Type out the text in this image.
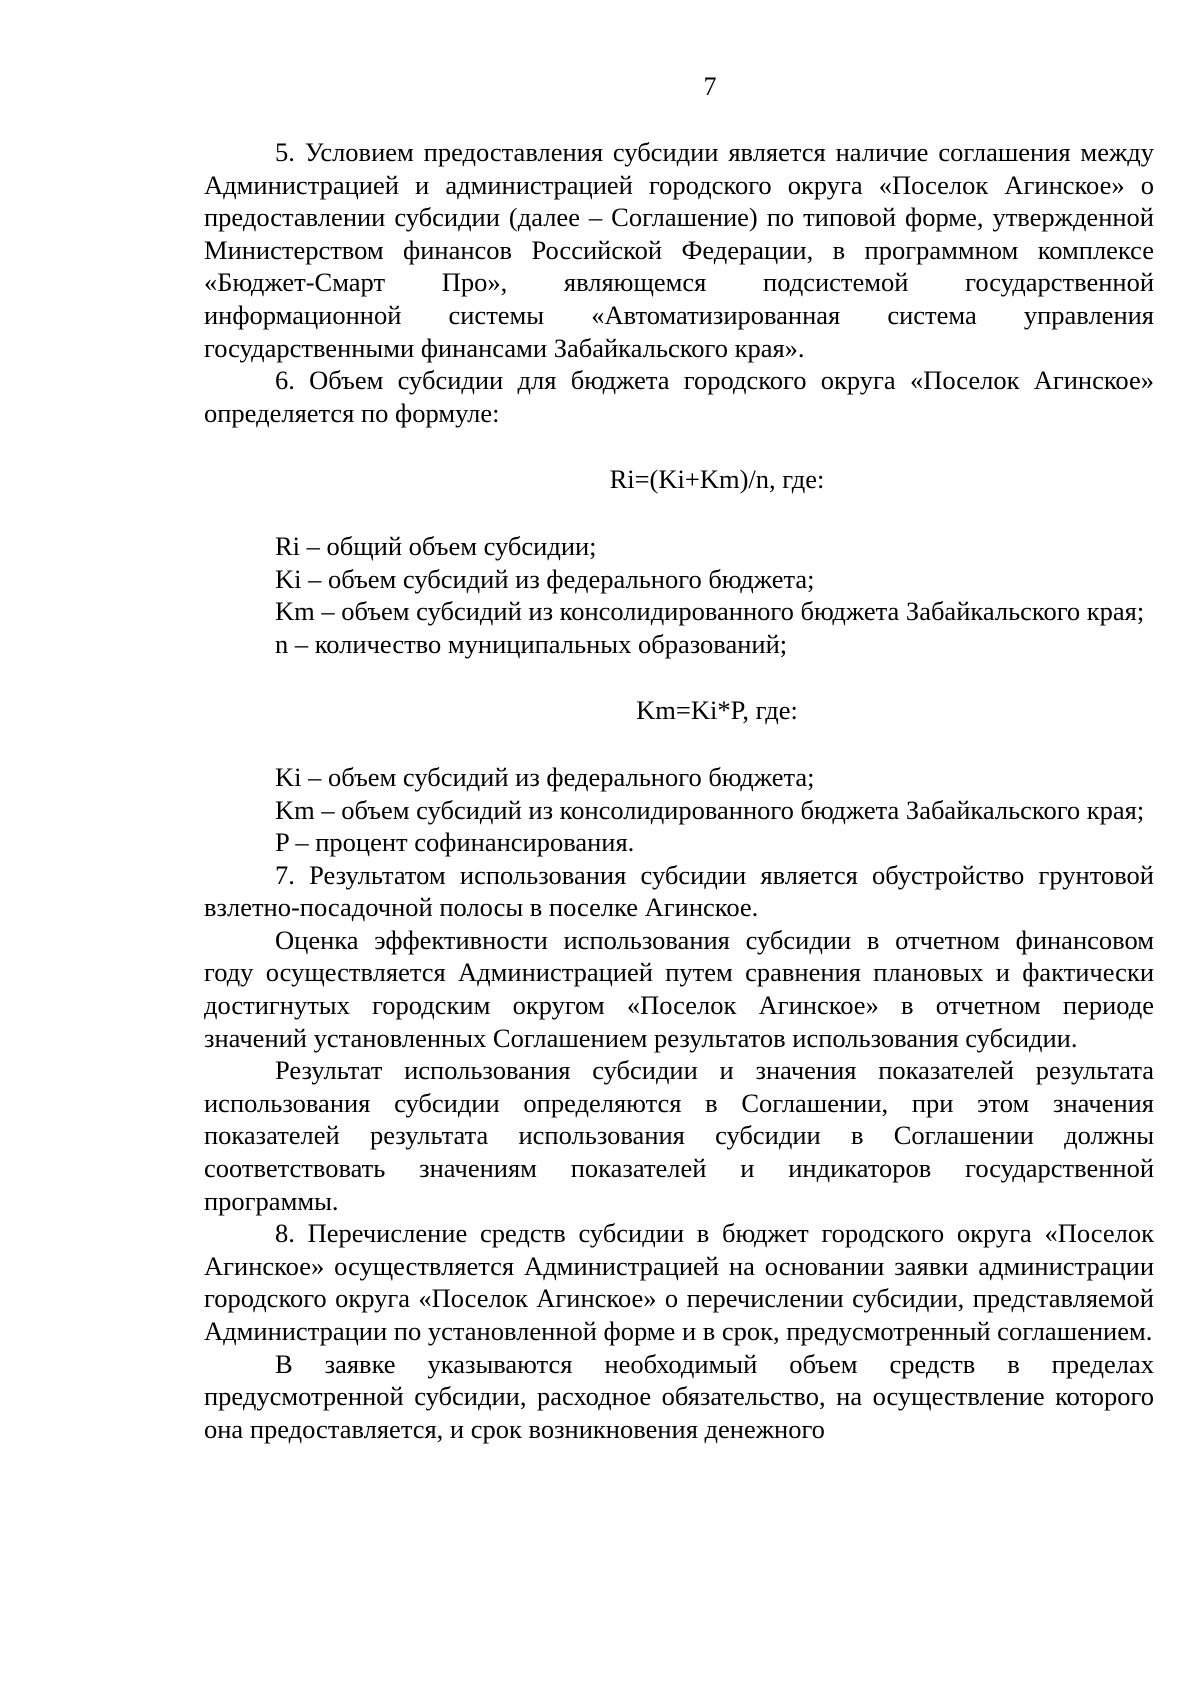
7

5. Условием предоставления субсидии является наличие соглашения между Администрацией и администрацией городского округа «Поселок Агинское» о предоставлении субсидии (далее – Соглашение) по типовой форме, утвержденной Министерством финансов Российской Федерации, в программном комплексе «Бюджет-Смарт Про», являющемся подсистемой государственной информационной системы «Автоматизированная система управления государственными финансами Забайкальского края».

6. Объем субсидии для бюджета городского округа «Поселок Агинское» определяется по формуле:

Ri=(Ki+Km)/n, где:

Ri – общий объем субсидии;

Ki – объем субсидий из федерального бюджета;

Km – объем субсидий из консолидированного бюджета Забайкальского края;

n – количество муниципальных образований;

Km=Ki*P, где:

Ki – объем субсидий из федерального бюджета;

Km – объем субсидий из консолидированного бюджета Забайкальского края;

P – процент софинансирования.

7. Результатом использования субсидии является обустройство грунтовой взлетно-посадочной полосы в поселке Агинское.

Оценка эффективности использования субсидии в отчетном финансовом году осуществляется Администрацией путем сравнения плановых и фактически достигнутых городским округом «Поселок Агинское» в отчетном периоде значений установленных Соглашением результатов использования субсидии.

Результат использования субсидии и значения показателей результата использования субсидии определяются в Соглашении, при этом значения показателей результата использования субсидии в Соглашении должны соответствовать значениям показателей и индикаторов государственной программы.

8. Перечисление средств субсидии в бюджет городского округа «Поселок Агинское» осуществляется Администрацией на основании заявки администрации городского округа «Поселок Агинское» о перечислении субсидии, представляемой Администрации по установленной форме и в срок, предусмотренный соглашением.

В заявке указываются необходимый объем средств в пределах предусмотренной субсидии, расходное обязательство, на осуществление которого она предоставляется, и срок возникновения денежного
